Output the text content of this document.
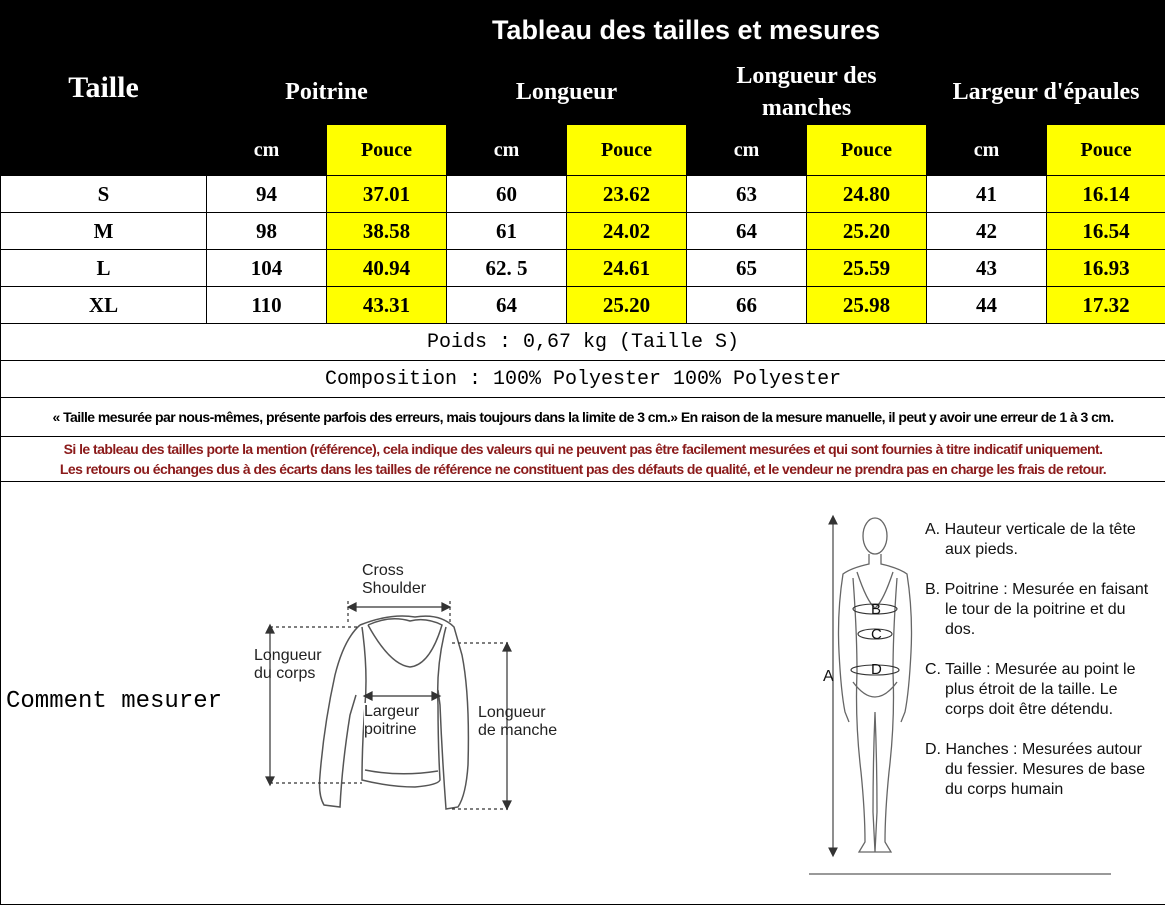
Taille	Tableau des tailles et mesures							
	Poitrine		Longueur		Longueur des manches		Largeur d'épaules	
	cm	Pouce	cm	Pouce	cm	Pouce	cm	Pouce
S	94	37.01	60	23.62	63	24.80	41	16.14
M	98	38.58	61	24.02	64	25.20	42	16.54
L	104	40.94	62. 5	24.61	65	25.59	43	16.93
XL	110	43.31	64	25.20	66	25.98	44	17.32
Poids : 0,67 kg (Taille S)								
Composition : 100% Polyester 100% Polyester								
« Taille mesurée par nous-mêmes, présente parfois des erreurs, mais toujours dans la limite de 3 cm.» En raison de la mesure manuelle, il peut y avoir une erreur de 1 à 3 cm.								

Si le tableau des tailles porte la mention (référence), cela indique des valeurs qui ne peuvent pas être facilement mesurées et qui sont fournies à titre indicatif uniquement.
Les retours ou échanges dus à des écarts dans les tailles de référence ne constituent pas des défauts de qualité, et le vendeur ne prendra pas en charge les frais de retour.								

Comment mesurer
Cross
Shoulder
Longueur
du corps
Largeur
poitrine
Longueur
de manche
A
B
C
D
A. Hauteur verticale de la tête aux pieds.
B. Poitrine : Mesurée en faisant le tour de la poitrine et du dos.
C. Taille : Mesurée au point le plus étroit de la taille. Le corps doit être détendu.
D. Hanches : Mesurées autour du fessier. Mesures de base du corps humain
